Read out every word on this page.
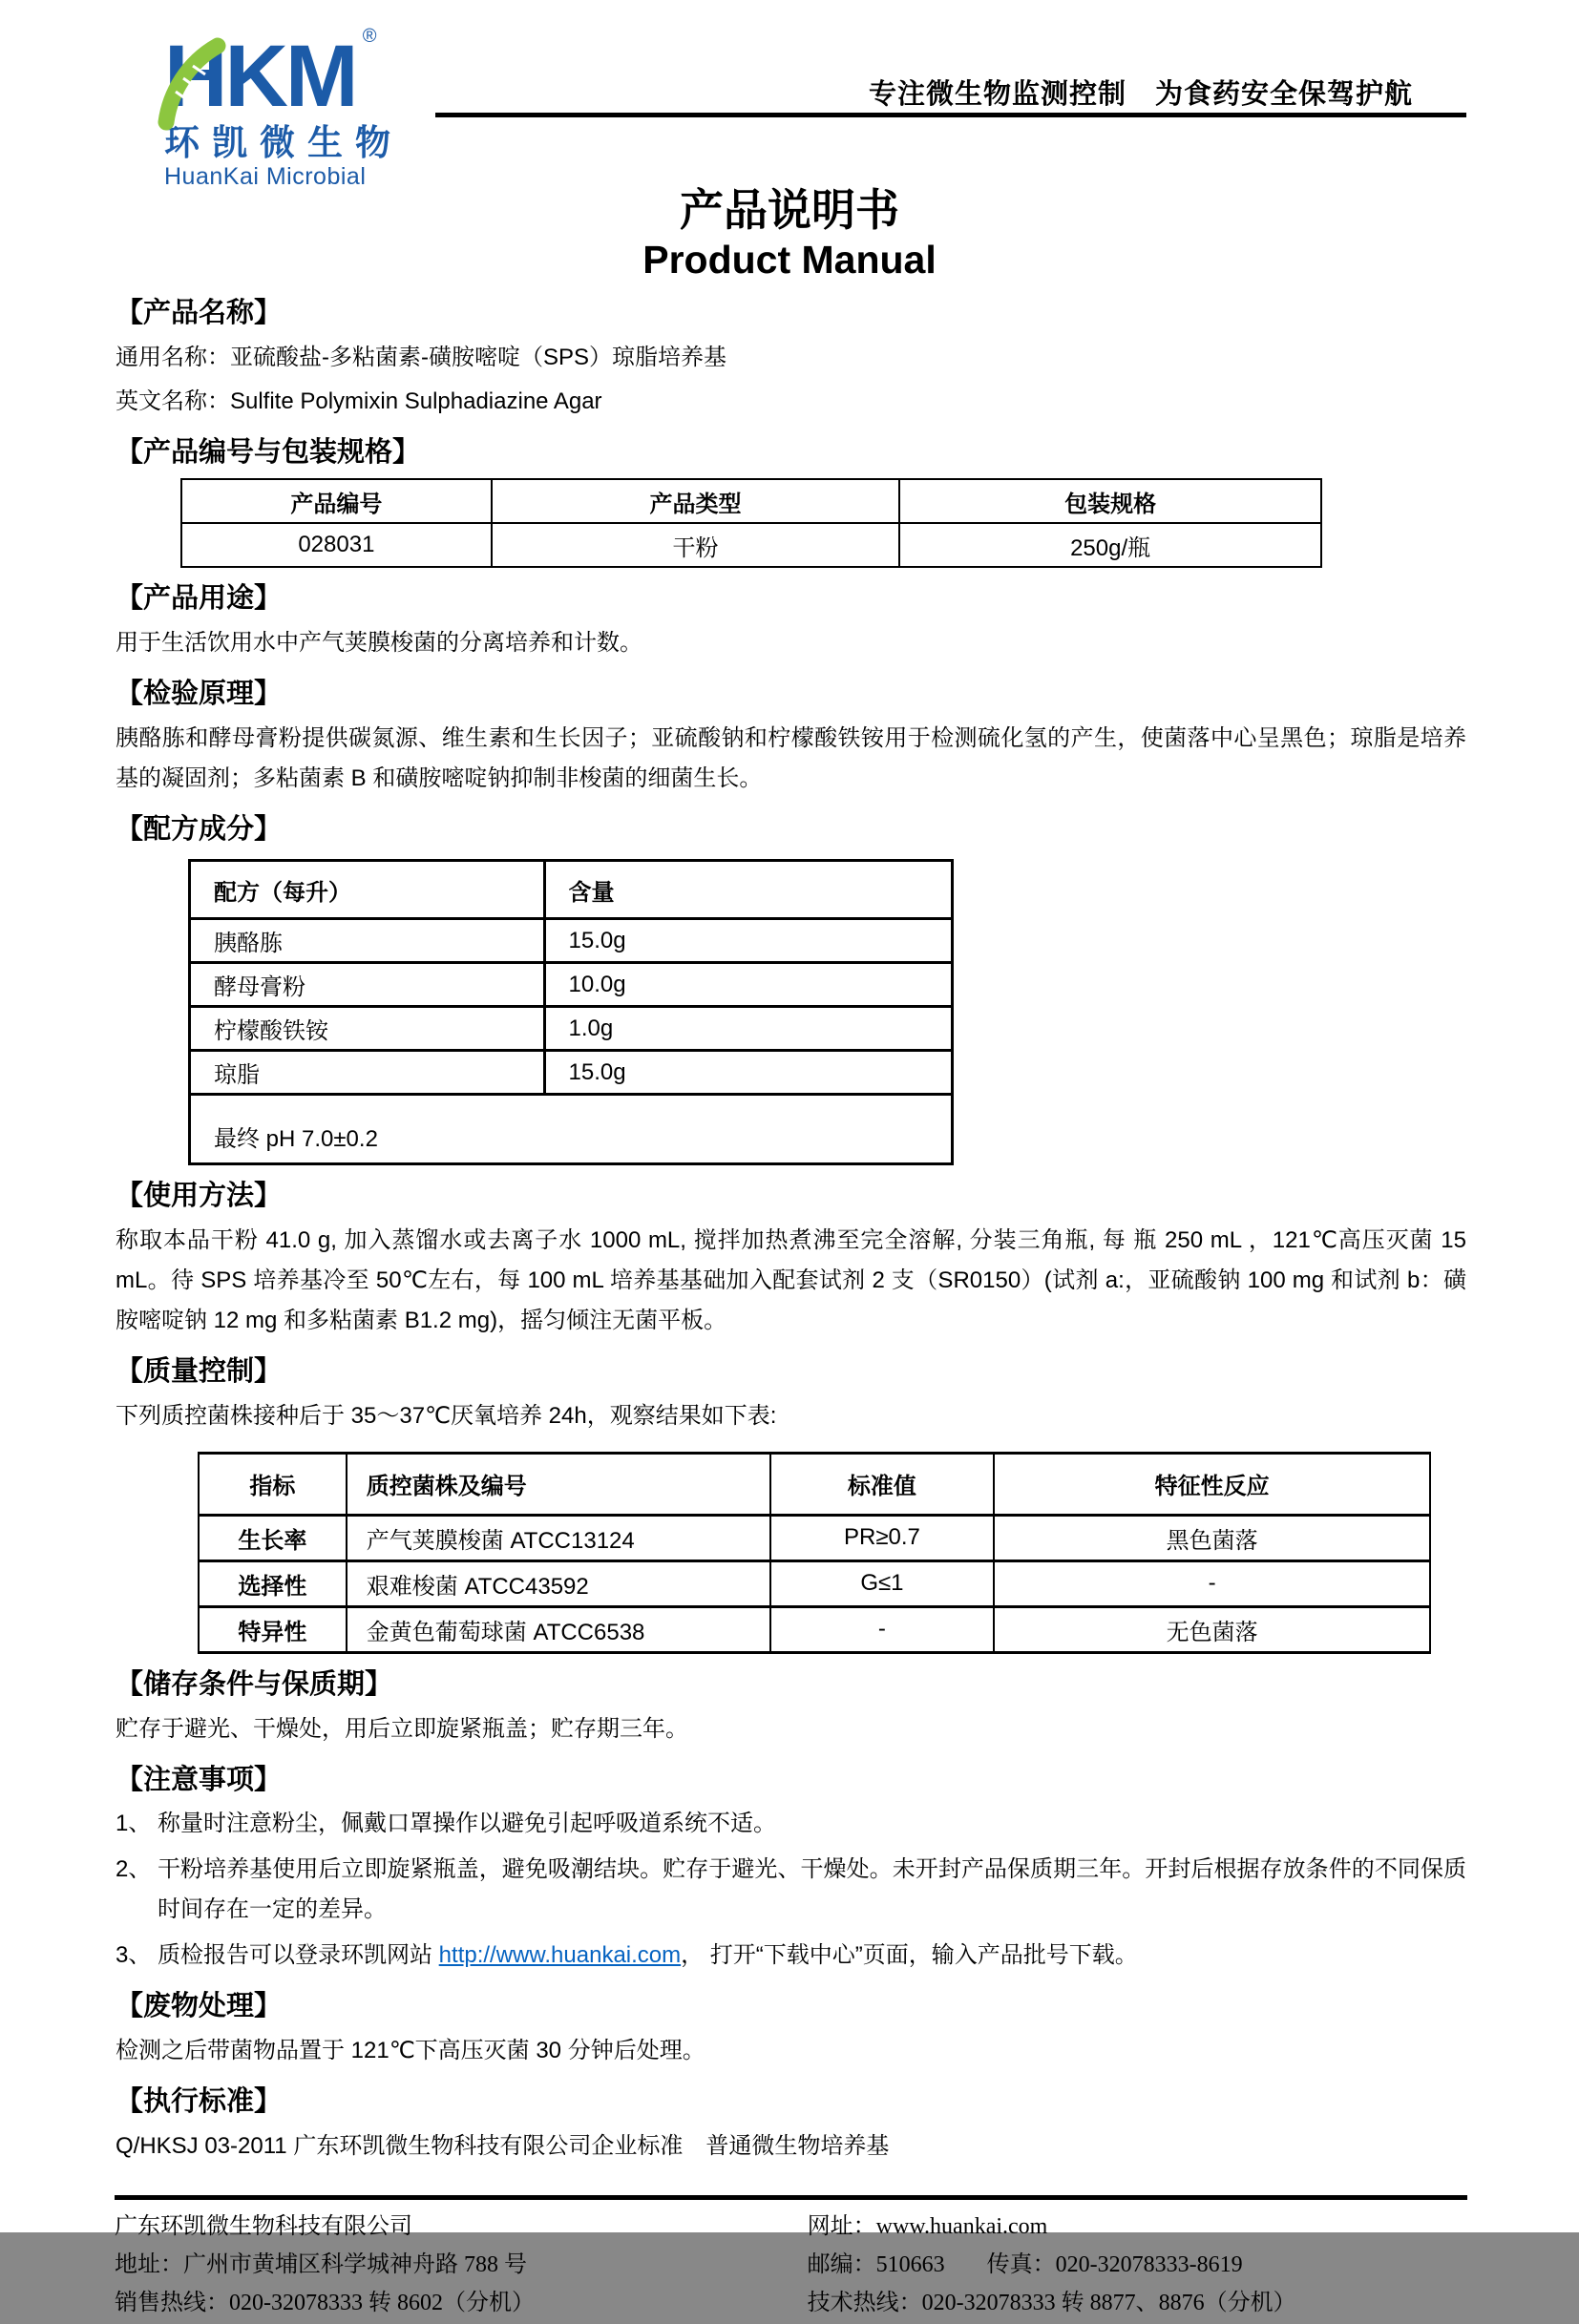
HKM ®
环凯微生物
HuanKai Microbial
专注微生物监测控制　为食药安全保驾护航
产品说明书
Product Manual
【产品名称】

通用名称：亚硫酸盐-多粘菌素-磺胺嘧啶（SPS）琼脂培养基

英文名称：Sulfite Polymixin Sulphadiazine Agar

【产品编号与包装规格】
产品编号	产品类型	包装规格
028031	干粉	250g/瓶
【产品用途】

用于生活饮用水中产气荚膜梭菌的分离培养和计数。

【检验原理】

胰酪胨和酵母膏粉提供碳氮源、维生素和生长因子；亚硫酸钠和柠檬酸铁铵用于检测硫化氢的产生，使菌落中心呈黑色；琼脂是培养基的凝固剂；多粘菌素 B 和磺胺嘧啶钠抑制非梭菌的细菌生长。

【配方成分】
配方（每升）	含量
胰酪胨	15.0g
酵母膏粉	10.0g
柠檬酸铁铵	1.0g
琼脂	15.0g
最终 pH 7.0±0.2	
【使用方法】

称取本品干粉 41.0 g, 加入蒸馏水或去离子水 1000 mL, 搅拌加热煮沸至完全溶解, 分装三角瓶, 每 瓶 250 mL ，121℃高压灭菌 15 mL。待 SPS 培养基冷至 50℃左右，每 100 mL 培养基基础加入配套试剂 2 支（SR0150）(试剂 a:，亚硫酸钠 100 mg 和试剂 b：磺胺嘧啶钠 12 mg 和多粘菌素 B1.2 mg)，摇匀倾注无菌平板。

【质量控制】

下列质控菌株接种后于 35～37℃厌氧培养 24h，观察结果如下表:

指标	质控菌株及编号	标准值	特征性反应
生长率	产气荚膜梭菌 ATCC13124	PR≥0.7	黑色菌落
选择性	艰难梭菌 ATCC43592	G≤1	-
特异性	金黄色葡萄球菌 ATCC6538	-	无色菌落
【储存条件与保质期】

贮存于避光、干燥处，用后立即旋紧瓶盖；贮存期三年。

【注意事项】
1、 称量时注意粉尘，佩戴口罩操作以避免引起呼吸道系统不适。
2、 干粉培养基使用后立即旋紧瓶盖，避免吸潮结块。贮存于避光、干燥处。未开封产品保质期三年。开封后根据存放条件的不同保质时间存在一定的差异。
3、 质检报告可以登录环凯网站 http://www.huankai.com， 打开“下载中心”页面，输入产品批号下载。
【废物处理】

检测之后带菌物品置于 121℃下高压灭菌 30 分钟后处理。

【执行标准】

Q/HKSJ 03-2011 广东环凯微生物科技有限公司企业标准　普通微生物培养基

广东环凯微生物科技有限公司

地址：广州市黄埔区科学城神舟路 788 号

销售热线：020-32078333 转 8602（分机）

网址：www.huankai.com

邮编：510663 传真：020-32078333-8619

技术热线：020-32078333 转 8877、8876（分机）
